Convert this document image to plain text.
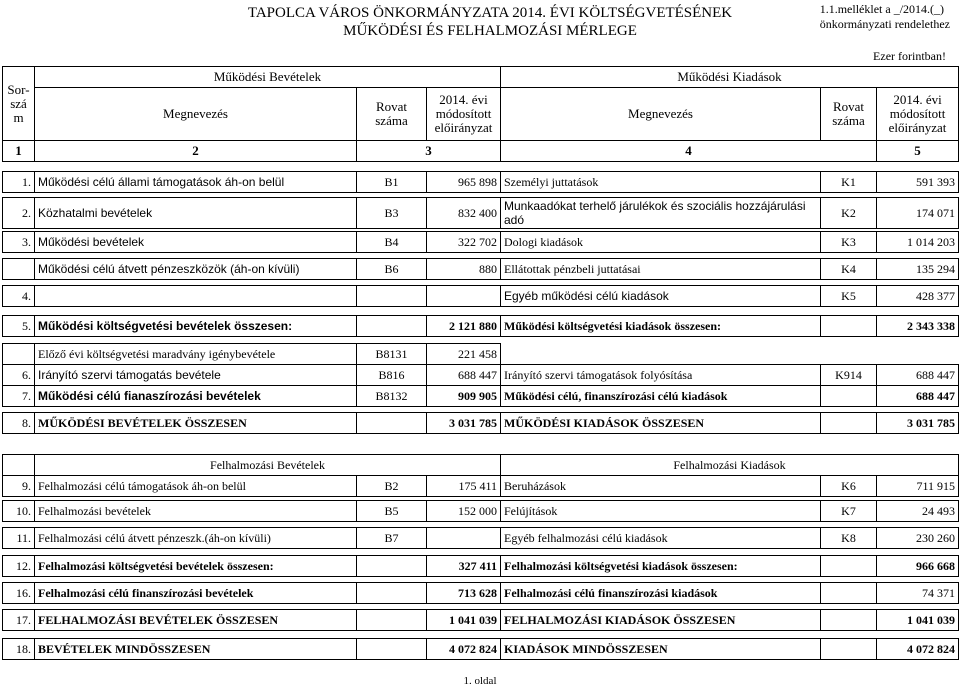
TAPOLCA VÁROS ÖNKORMÁNYZATA 2014. ÉVI KÖLTSÉGVETÉSÉNEK
MŰKÖDÉSI ÉS FELHALMOZÁSI MÉRLEGE
1.1.melléklet a _/2014.(_)
önkormányzati rendelethez
Ezer forintban!
Sor-szá m	Működési Bevételek			Működési Kiadások		
	Megnevezés	Rovat száma	2014. évi módosított előirányzat	Megnevezés	Rovat száma	2014. évi módosított előirányzat
1	2	3		4		5

1.	Működési célú állami támogatások áh-on belül	B1	965 898	Személyi juttatások	K1	591 393

2.	Közhatalmi bevételek	B3	832 400	Munkaadókat terhelő járulékok és szociális hozzájárulási adó	K2	174 071

3.	Működési bevételek	B4	322 702	Dologi kiadások	K3	1 014 203

	Működési célú átvett pénzeszközök (áh-on kívüli)	B6	880	Ellátottak pénzbeli juttatásai	K4	135 294

4.				Egyéb működési célú kiadások	K5	428 377

5.	Működési költségvetési bevételek összesen:		2 121 880	Működési költségvetési kiadások összesen:		2 343 338

	Előző évi költségvetési maradvány igénybevétele	B8131	221 458			
6.	Irányító szervi támogatás bevétele	B816	688 447	Irányító szervi támogatások folyósítása	K914	688 447
7.	Működési célú fianaszírozási bevételek	B8132	909 905	Működési célú, finanszírozási célú kiadások		688 447

8.	MŰKÖDÉSI BEVÉTELEK ÖSSZESEN		3 031 785	MŰKÖDÉSI KIADÁSOK ÖSSZESEN		3 031 785

	Felhalmozási Bevételek			Felhalmozási Kiadások		
9.	Felhalmozási célú támogatások áh-on belül	B2	175 411	Beruházások	K6	711 915

10.	Felhalmozási bevételek	B5	152 000	Felújítások	K7	24 493

11.	Felhalmozási célú átvett pénzeszk.(áh-on kívüli)	B7		Egyéb felhalmozási célú kiadások	K8	230 260

12.	Felhalmozási költségvetési bevételek összesen:		327 411	Felhalmozási költségvetési kiadások összesen:		966 668

16.	Felhalmozási célú finanszírozási bevételek		713 628	Felhalmozási célú finanszírozási kiadások		74 371

17.	FELHALMOZÁSI BEVÉTELEK ÖSSZESEN		1 041 039	FELHALMOZÁSI KIADÁSOK ÖSSZESEN		1 041 039

18.	BEVÉTELEK MINDÖSSZESEN		4 072 824	KIADÁSOK MINDÖSSZESEN		4 072 824
1. oldal
